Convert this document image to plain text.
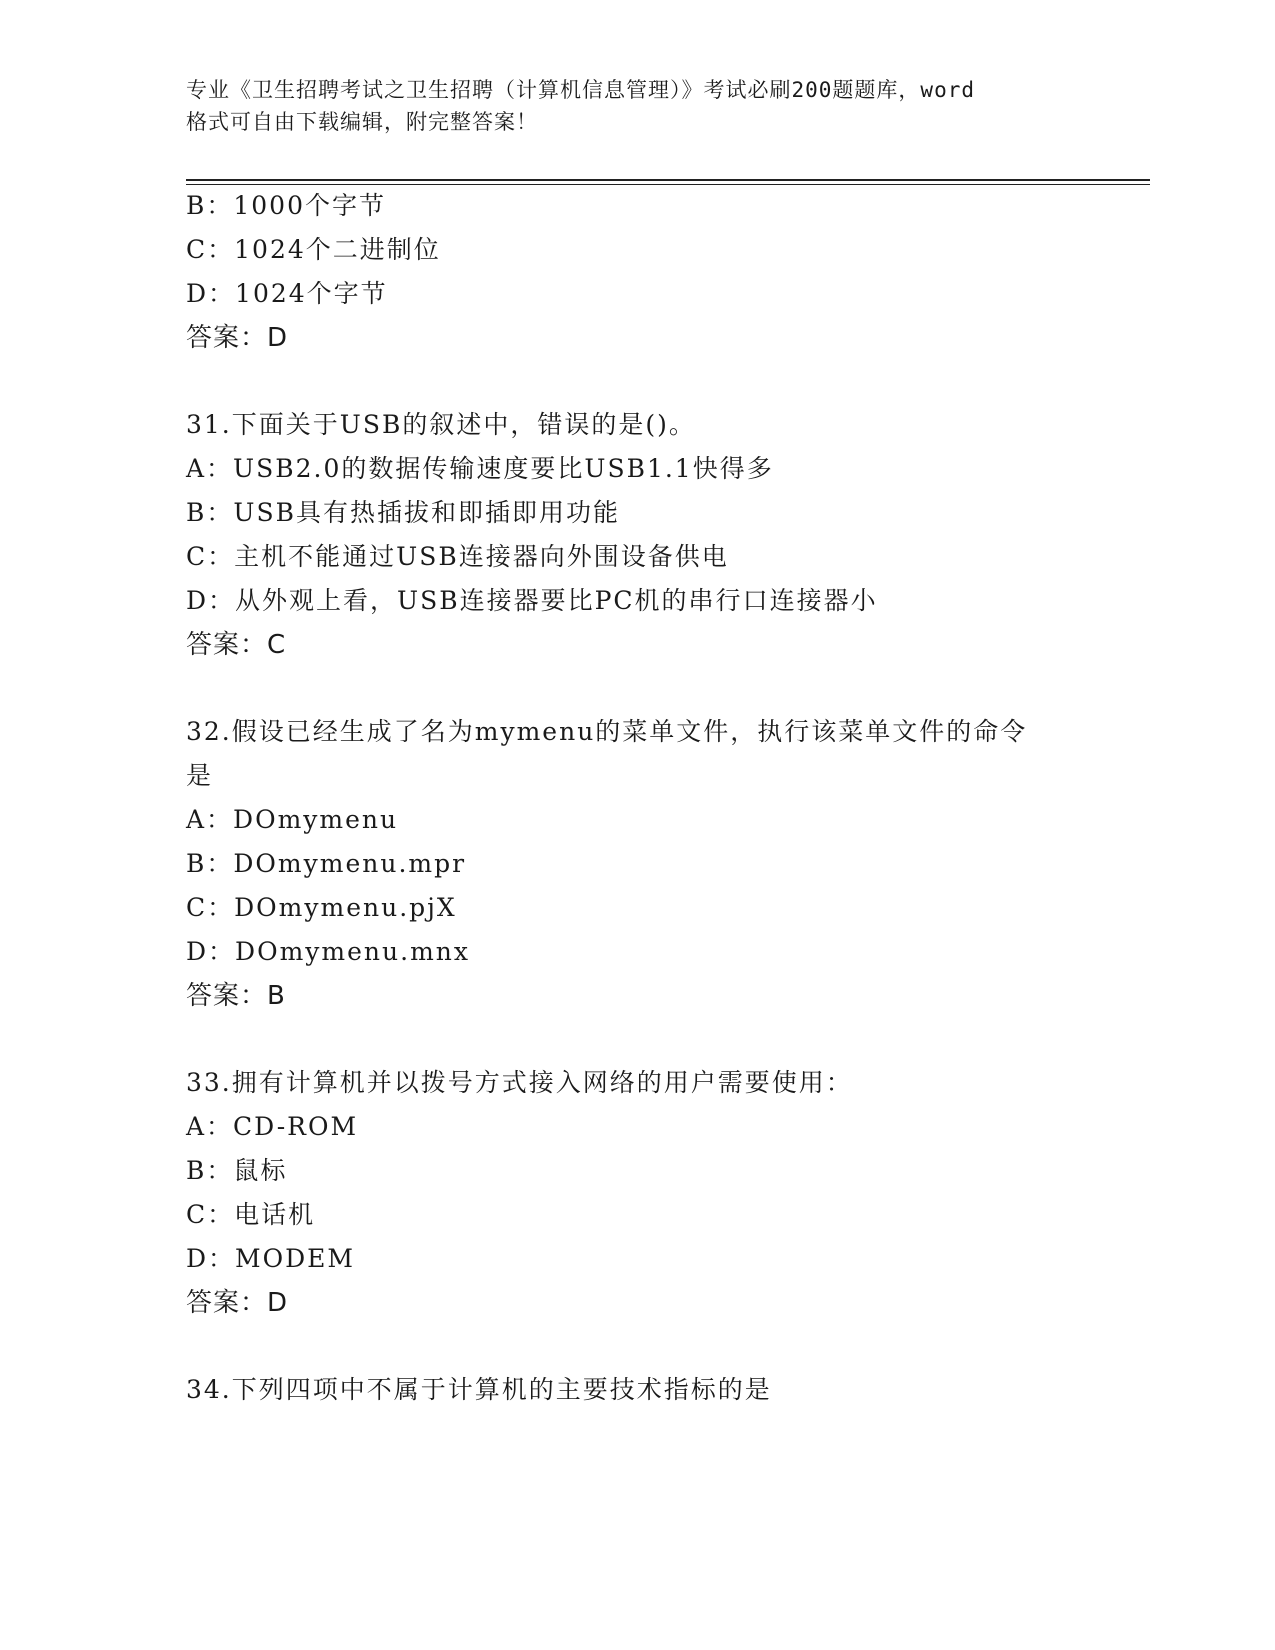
专业《卫生招聘考试之卫生招聘（计算机信息管理）》考试必刷200题题库，word
格式可自由下载编辑，附完整答案！
B：1000个字节
C：1024个二进制位
D：1024个字节
答案：D
31.下面关于USB的叙述中，错误的是()。
A：USB2.0的数据传输速度要比USB1.1快得多
B：USB具有热插拔和即插即用功能
C：主机不能通过USB连接器向外围设备供电
D：从外观上看，USB连接器要比PC机的串行口连接器小
答案：C
32.假设已经生成了名为mymenu的菜单文件，执行该菜单文件的命令
是
A：DOmymenu
B：DOmymenu.mpr
C：DOmymenu.pjX
D：DOmymenu.mnx
答案：B
33.拥有计算机并以拨号方式接入网络的用户需要使用：
A：CD-ROM
B：鼠标
C：电话机
D：MODEM
答案：D
34.下列四项中不属于计算机的主要技术指标的是
